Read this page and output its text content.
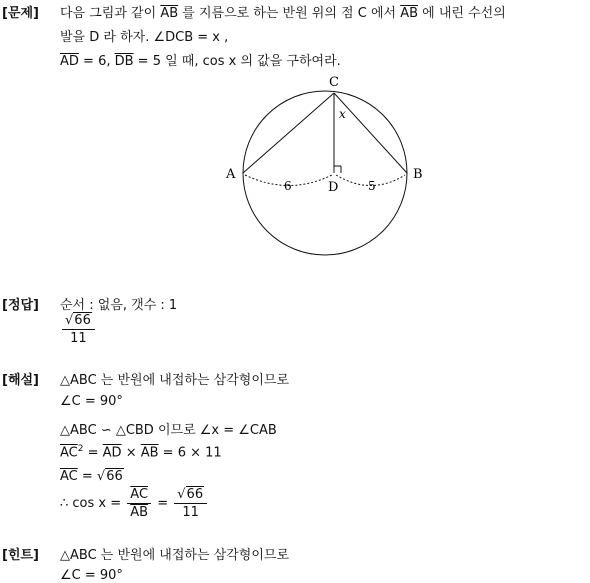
[문제] 다음 그림과 같이 $\overline{AB}$ 를 지름으로 하는 반원 위의 점 C 에서 $\overline{AB}$ 에 내린 수선의
발을 D 라 하자. ∠DCB = x ,
$\overline{AD} = 6$, $\overline{DB} = 5$ 일 때, cos x 의 값을 구하여라.
C
A	B
D
x
6	5
[정답] 순서 : 없음, 갯수 : 1
$\frac{√66}{11}$
[해설] △ABC 는 반원에 내접하는 삼각형이므로
∠C = 90°
△ABC ∽ △CBD 이므로 ∠x = ∠CAB
$\overline{AC}^2 = \overline{AD} \times \overline{AB} = 6 \times 11$
$\overline{AC} = √66$
∴ $\cos x = \frac{\overline{AC}}{AB} = \frac{√66}{11}$
[힌트] △ABC 는 반원에 내접하는 삼각형이므로
∠C = 90°
